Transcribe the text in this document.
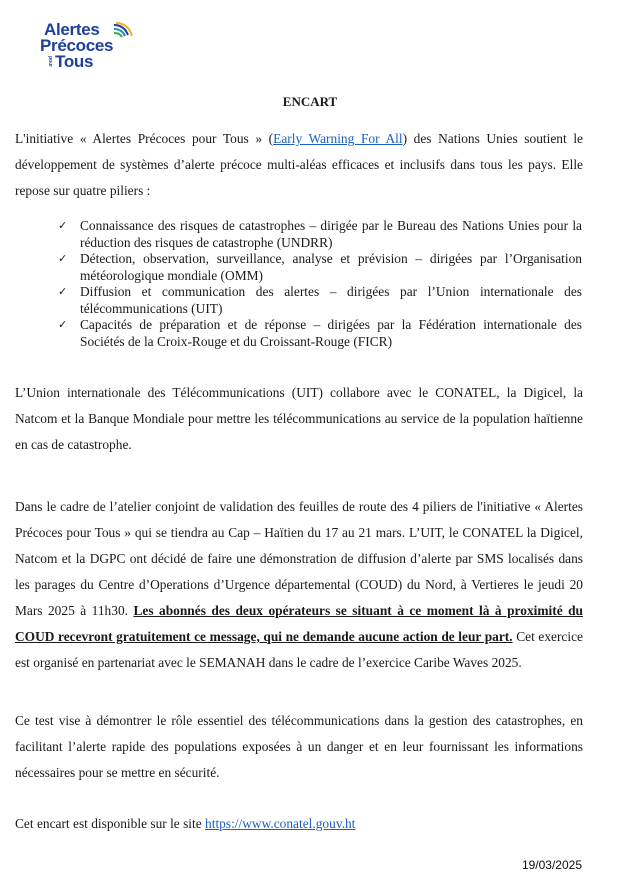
Alertes
Précoces
pour Tous
ENCART
L'initiative « Alertes Précoces pour Tous » (Early Warning For All) des Nations Unies soutient le développement de systèmes d’alerte précoce multi-aléas efficaces et inclusifs dans tous les pays. Elle repose sur quatre piliers :
✓ Connaissance des risques de catastrophes – dirigée par le Bureau des Nations Unies pour la réduction des risques de catastrophe (UNDRR)
✓ Détection, observation, surveillance, analyse et prévision – dirigées par l’Organisation météorologique mondiale (OMM)
✓ Diffusion et communication des alertes – dirigées par l’Union internationale des télécommunications (UIT)
✓ Capacités de préparation et de réponse – dirigées par la Fédération internationale des Sociétés de la Croix-Rouge et du Croissant-Rouge (FICR)
L’Union internationale des Télécommunications (UIT) collabore avec le CONATEL, la Digicel, la Natcom et la Banque Mondiale pour mettre les télécommunications au service de la population haïtienne en cas de catastrophe.
Dans le cadre de l’atelier conjoint de validation des feuilles de route des 4 piliers de l'initiative « Alertes Précoces pour Tous » qui se tiendra au Cap – Haïtien du 17 au 21 mars. L’UIT, le CONATEL la Digicel, Natcom et la DGPC ont décidé de faire une démonstration de diffusion d’alerte par SMS localisés dans les parages du Centre d’Operations d’Urgence départemental (COUD) du Nord, à Vertieres le jeudi 20 Mars 2025 à 11h30. Les abonnés des deux opérateurs se situant à ce moment là à proximité du COUD recevront gratuitement ce message, qui ne demande aucune action de leur part. Cet exercice est organisé en partenariat avec le SEMANAH dans le cadre de l’exercice Caribe Waves 2025.
Ce test vise à démontrer le rôle essentiel des télécommunications dans la gestion des catastrophes, en facilitant l’alerte rapide des populations exposées à un danger et en leur fournissant les informations nécessaires pour se mettre en sécurité.
Cet encart est disponible sur le site https://www.conatel.gouv.ht
19/03/2025
